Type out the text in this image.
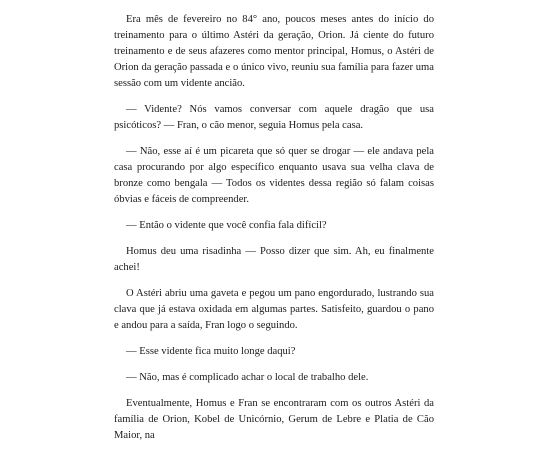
Era mês de fevereiro no 84° ano, poucos meses antes do início do treinamento para o último Astéri da geração, Orion. Já ciente do futuro treinamento e de seus afazeres como mentor principal, Homus, o Astéri de Orion da geração passada e o único vivo, reuniu sua família para fazer uma sessão com um vidente ancião.

— Vidente? Nós vamos conversar com aquele dragão que usa psicóticos? — Fran, o cão menor, seguia Homus pela casa.

— Não, esse aí é um picareta que só quer se drogar — ele andava pela casa procurando por algo específico enquanto usava sua velha clava de bronze como bengala — Todos os videntes dessa região só falam coisas óbvias e fáceis de compreender.

— Então o vidente que você confia fala difícil?

Homus deu uma risadinha — Posso dizer que sim. Ah, eu finalmente achei!

O Astéri abriu uma gaveta e pegou um pano engordurado, lustrando sua clava que já estava oxidada em algumas partes. Satisfeito, guardou o pano e andou para a saída, Fran logo o seguindo.

— Esse vidente fica muito longe daqui?

— Não, mas é complicado achar o local de trabalho dele.

Eventualmente, Homus e Fran se encontraram com os outros Astéri da família de Orion, Kobel de Unicórnio, Gerum de Lebre e Platia de Cão Maior, na
